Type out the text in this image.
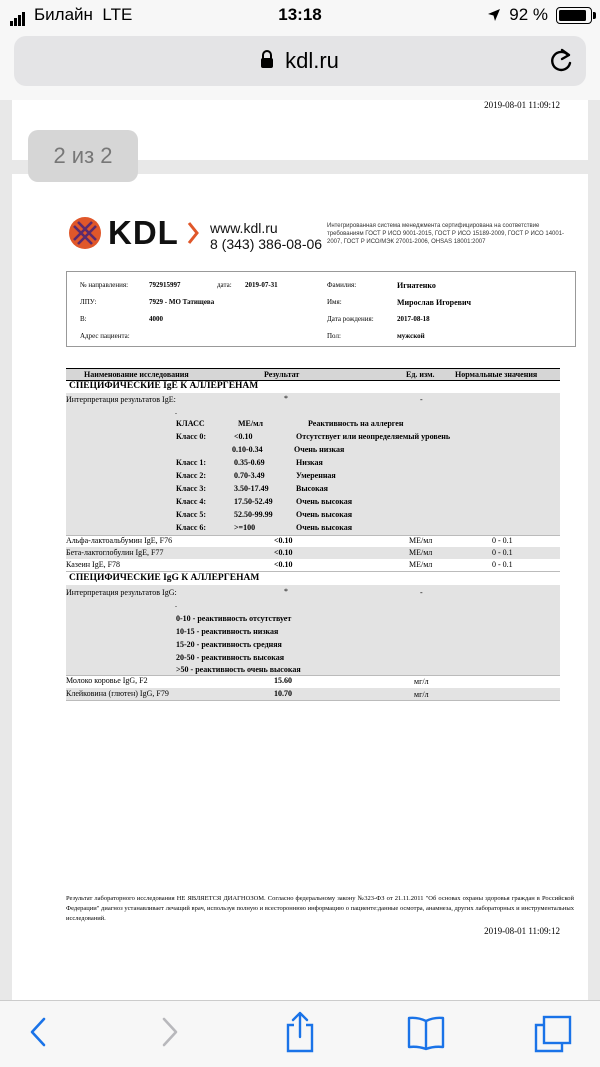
Билайн LTE	13:18	92 %
kdl.ru
2019-08-01 11:09:12
KDL www.kdl.ru
8 (343) 386-08-06
Интегрированная система менеджмента сертифицирована на соответствие требованиям ГОСТ Р ИСО 9001-2015, ГОСТ Р ИСО 15189-2009, ГОСТ Р ИСО 14001-2007, ГОСТ Р ИСО/МЭК 27001-2006, OHSAS 18001:2007
№ направления:	792915997	дата: 2019-07-31
ЛПУ:	7929 - МО Татищева
В:	4000
Адрес пациента:
Фамилия:	Игнатенко
Имя:	Мирослав Игоревич
Дата рождения:	2017-08-18
Пол:	мужской
Наименование исследования	Результат	Ед. изм.	Нормальные значения
СПЕЦИФИЧЕСКИЕ IgE К АЛЛЕРГЕНАМ
Интерпретация результатов IgE:	*	-
.
КЛАСС	МЕ/мл	Реактивность на аллерген
Класс 0:	<0.10	Отсутствует или неопределяемый уровень
0.10-0.34	Очень низкая
Класс 1:	0.35-0.69	Низкая
Класс 2:	0.70-3.49	Умеренная
Класс 3:	3.50-17.49	Высокая
Класс 4:	17.50-52.49	Очень высокая
Класс 5:	52.50-99.99	Очень высокая
Класс 6:	>=100	Очень высокая
Альфа-лактоальбумин IgE, F76	<0.10	МЕ/мл	0 - 0.1
Бета-лактоглобулин IgE, F77	<0.10	МЕ/мл	0 - 0.1
Казеин IgE, F78	<0.10	МЕ/мл	0 - 0.1
СПЕЦИФИЧЕСКИЕ IgG К АЛЛЕРГЕНАМ
Интерпретация результатов IgG:	*	-
.
0-10 - реактивность отсутствует
10-15 - реактивность низкая
15-20 - реактивность средняя
20-50 - реактивность высокая
>50 - реактивность очень высокая
Молоко коровье IgG, F2	15.60	мг/л
Клейковина (глютен) IgG, F79	10.70	мг/л
Результат лабораторного исследования НЕ ЯВЛЯЕТСЯ ДИАГНОЗОМ. Согласно федеральному закону №323-ФЗ от 21.11.2011 "Об основах охраны здоровья граждан в Российской Федерации" диагноз устанавливает лечащий врач, используя полную и всестороннюю информацию о пациенте:данные осмотра, анамнеза, других лабораторных и инструментальных исследований.
2019-08-01 11:09:12
2 из 2
